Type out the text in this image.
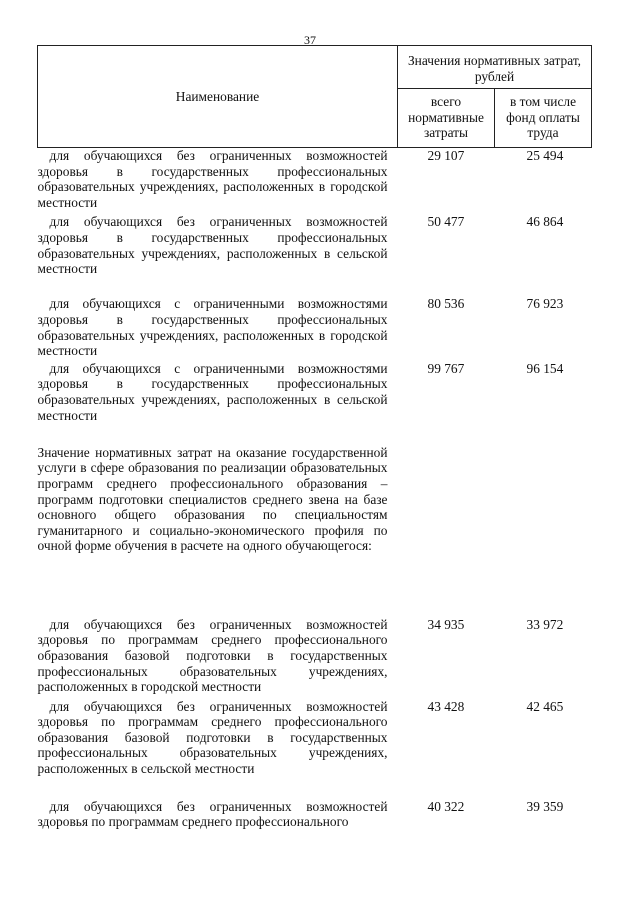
37
Наименование	Значения нормативных затрат, рублей	
	всего нормативные затраты	в том числе фонд оплаты труда

для обучающихся без ограниченных возможностей здоровья в государственных профессиональных образовательных учреждениях, расположенных в городской местности	29 107	25 494

для обучающихся без ограниченных возможностей здоровья в государственных профессиональных образовательных учреждениях, расположенных в сельской местности	50 477	46 864

для обучающихся с ограниченными возможностями здоровья в государственных профессиональных образовательных учреждениях, расположенных в городской местности	80 536	76 923

для обучающихся с ограниченными возможностями здоровья в государственных профессиональных образовательных учреждениях, расположенных в сельской местности	99 767	96 154
Значение нормативных затрат на оказание государственной услуги в сфере образования по реализации образовательных программ среднего профессионального образования – программ подготовки специалистов среднего звена на базе основного общего образования по специальностям гуманитарного и социально-экономического профиля по очной форме обучения в расчете на одного обучающегося:		

для обучающихся без ограниченных возможностей здоровья по программам среднего профессионального образования базовой подготовки в государственных профессиональных образовательных учреждениях, расположенных в городской местности	34 935	33 972

для обучающихся без ограниченных возможностей здоровья по программам среднего профессионального образования базовой подготовки в государственных профессиональных образовательных учреждениях, расположенных в сельской местности	43 428	42 465

для обучающихся без ограниченных возможностей здоровья по программам среднего профессионального	40 322	39 359
